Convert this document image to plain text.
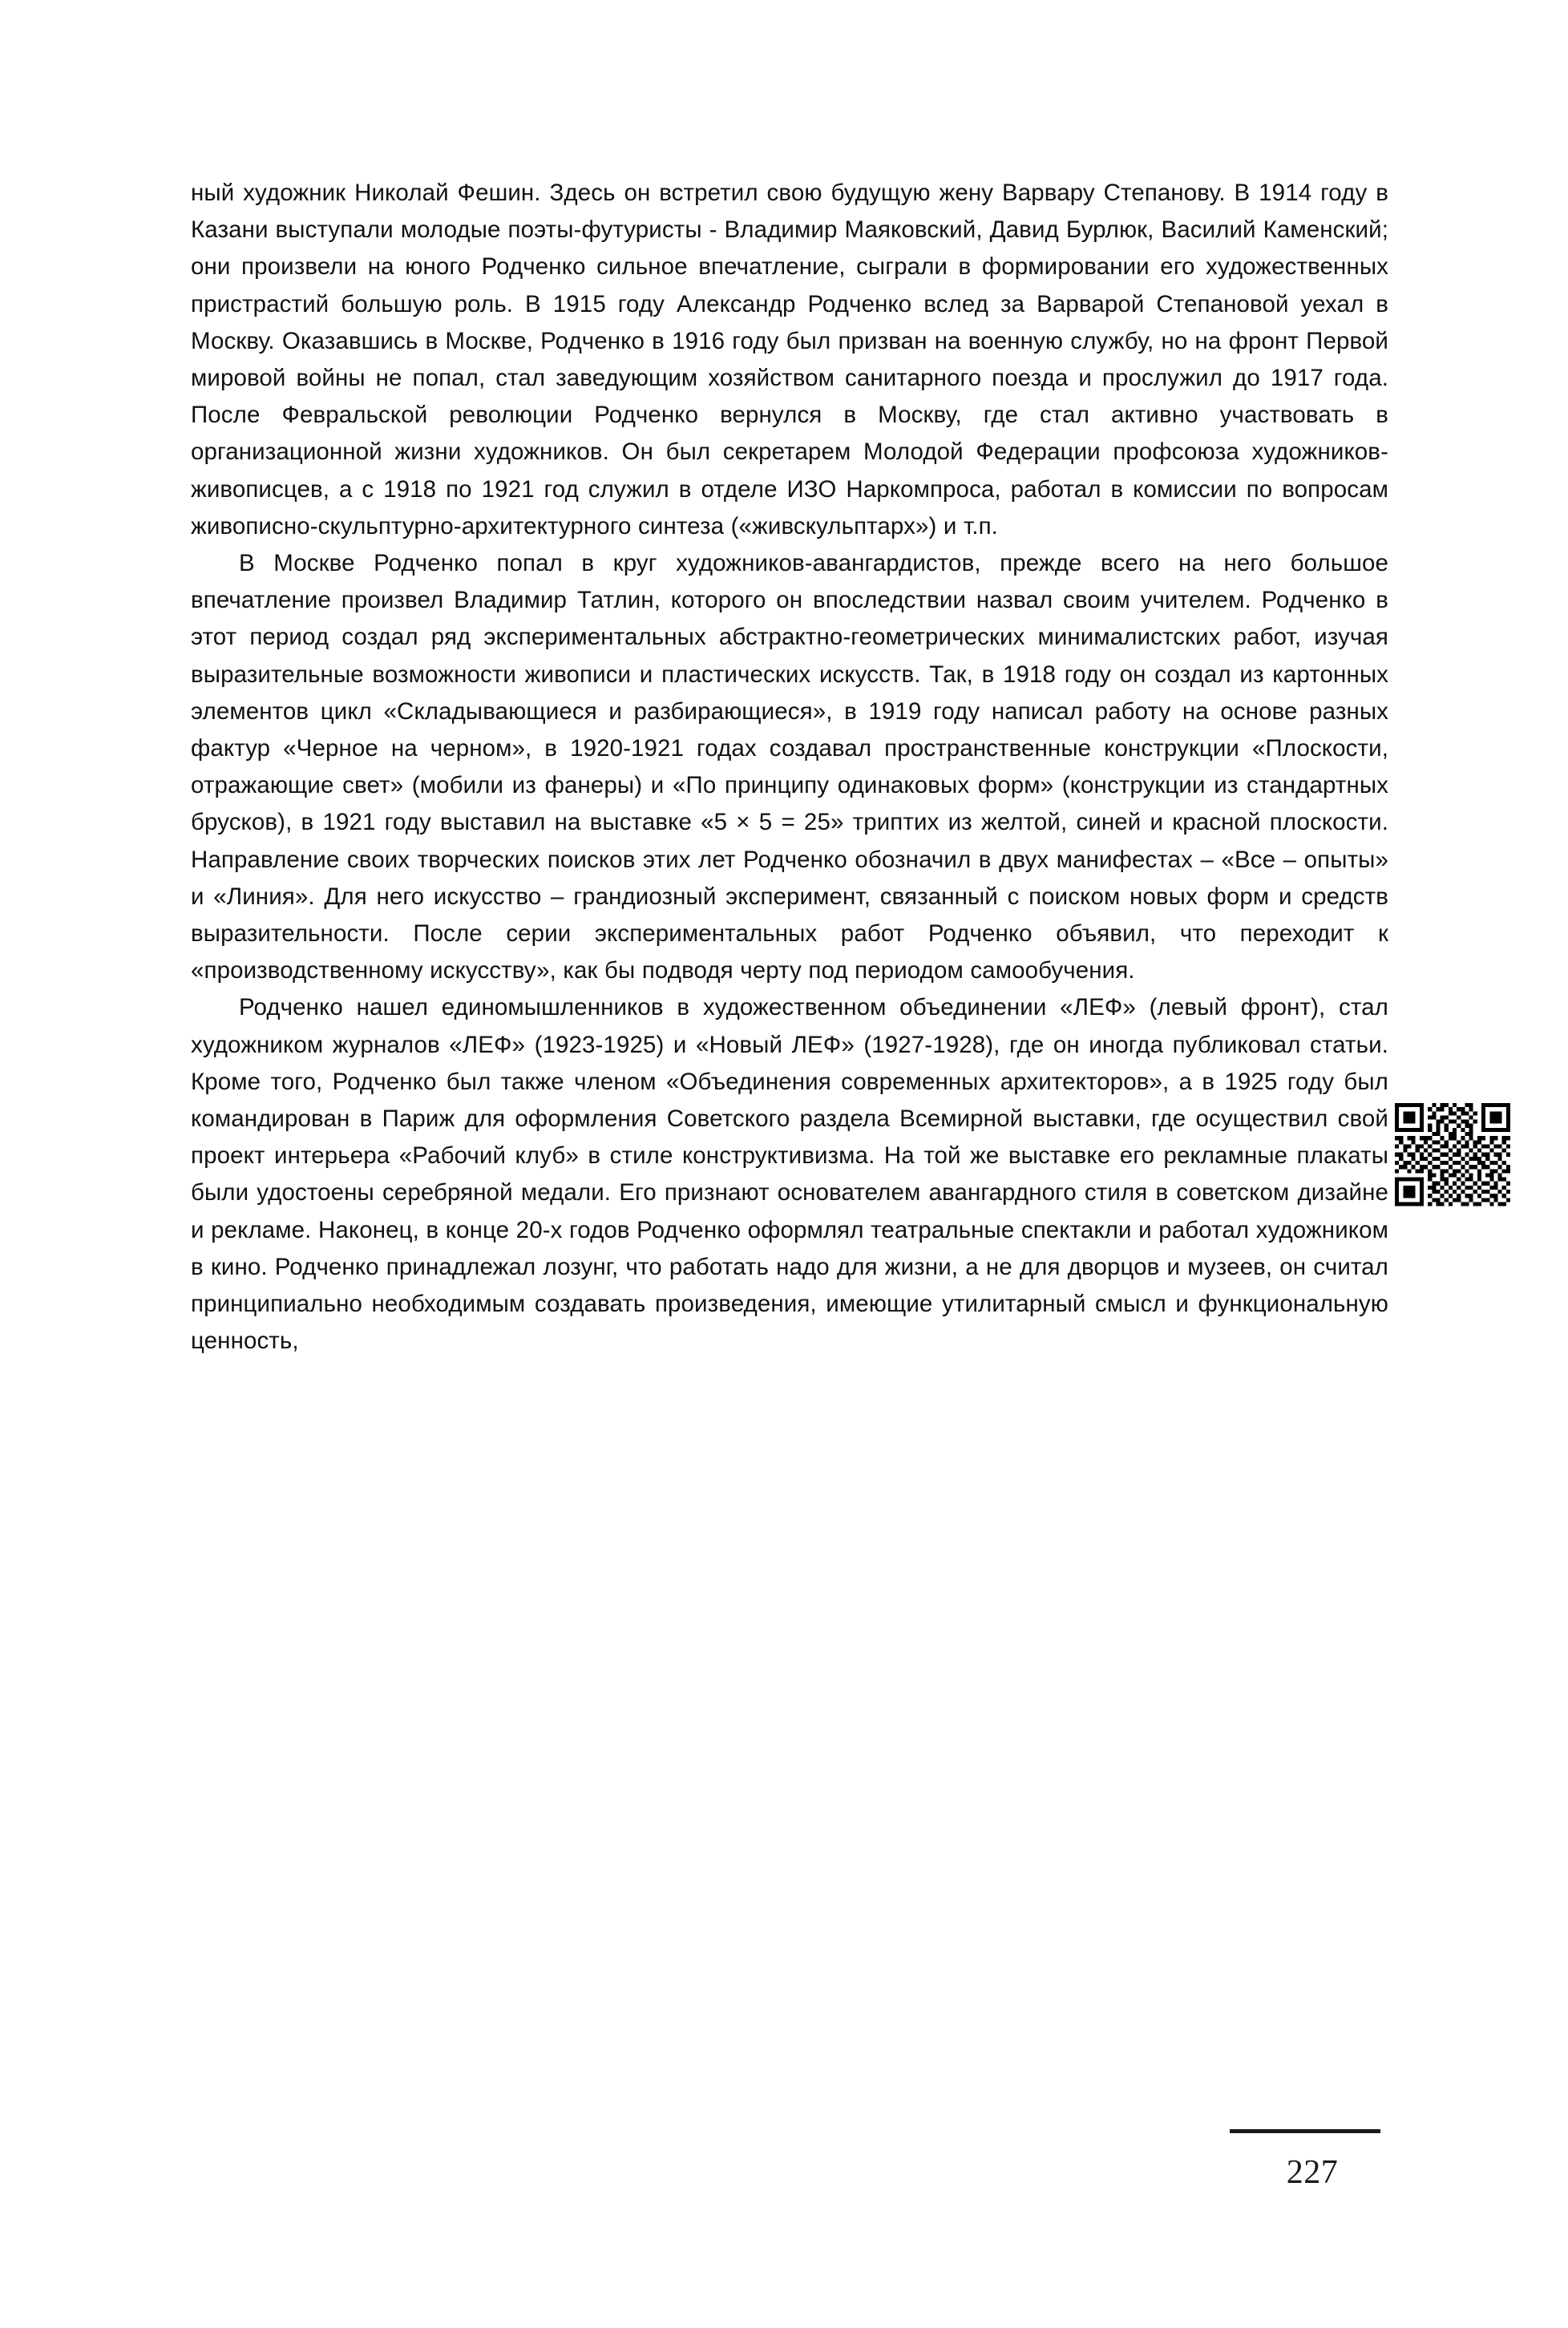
ный художник Николай Фешин. Здесь он встретил свою будущую жену Варвару Степанову. В 1914 году в Казани выступали молодые поэты-футуристы - Владимир Маяковский, Давид Бурлюк, Василий Каменский; они произвели на юного Родченко сильное впечатление, сыграли в формировании его художественных пристрастий большую роль. В 1915 году Александр Родченко вслед за Варварой Степановой уехал в Москву. Оказавшись в Москве, Родченко в 1916 году был призван на военную службу, но на фронт Первой мировой войны не попал, стал заведующим хозяйством санитарного поезда и прослужил до 1917 года. После Февральской революции Родченко вернулся в Москву, где стал активно участвовать в организационной жизни художников. Он был секретарем Молодой Федерации профсоюза художников-живописцев, а с 1918 по 1921 год служил в отделе ИЗО Наркомпроса, работал в комиссии по вопросам живописно-скульптурно-архитектурного синтеза («живскульптарх») и т.п.

В Москве Родченко попал в круг художников-авангардистов, прежде всего на него большое впечатление произвел Владимир Татлин, которого он впоследствии назвал своим учителем. Родченко в этот период создал ряд экспериментальных абстрактно-геометрических минималистских работ, изучая выразительные возможности живописи и пластических искусств. Так, в 1918 году он создал из картонных элементов цикл «Складывающиеся и разбирающиеся», в 1919 году написал работу на основе разных фактур «Черное на черном», в 1920-1921 годах создавал пространственные конструкции «Плоскости, отражающие свет» (мобили из фанеры) и «По принципу одинаковых форм» (конструкции из стандартных брусков), в 1921 году выставил на выставке «5 × 5 = 25» триптих из желтой, синей и красной плоскости. Направление своих творческих поисков этих лет Родченко обозначил в двух манифестах – «Все – опыты» и «Линия». Для него искусство – грандиозный эксперимент, связанный с поиском новых форм и средств выразительности. После серии экспериментальных работ Родченко объявил, что переходит к «производственному искусству», как бы подводя черту под периодом самообучения.

Родченко нашел единомышленников в художественном объединении «ЛЕФ» (левый фронт), стал художником журналов «ЛЕФ» (1923-1925) и «Новый ЛЕФ» (1927-1928), где он иногда публиковал статьи. Кроме того, Родченко был также членом «Объединения современных архитекторов», а в 1925 году был командирован в Париж для оформления Советского раздела Всемирной выставки, где осуществил свой проект интерьера «Рабочий клуб» в стиле конструктивизма. На той же выставке его рекламные плакаты были удостоены серебряной медали. Его признают основателем авангардного стиля в советском дизайне и рекламе. Наконец, в конце 20-х годов Родченко оформлял театральные спектакли и работал художником в кино. Родченко принадлежал лозунг, что работать надо для жизни, а не для дворцов и музеев, он считал принципиально необходимым создавать произведения, имеющие утилитарный смысл и функциональную ценность,

227
